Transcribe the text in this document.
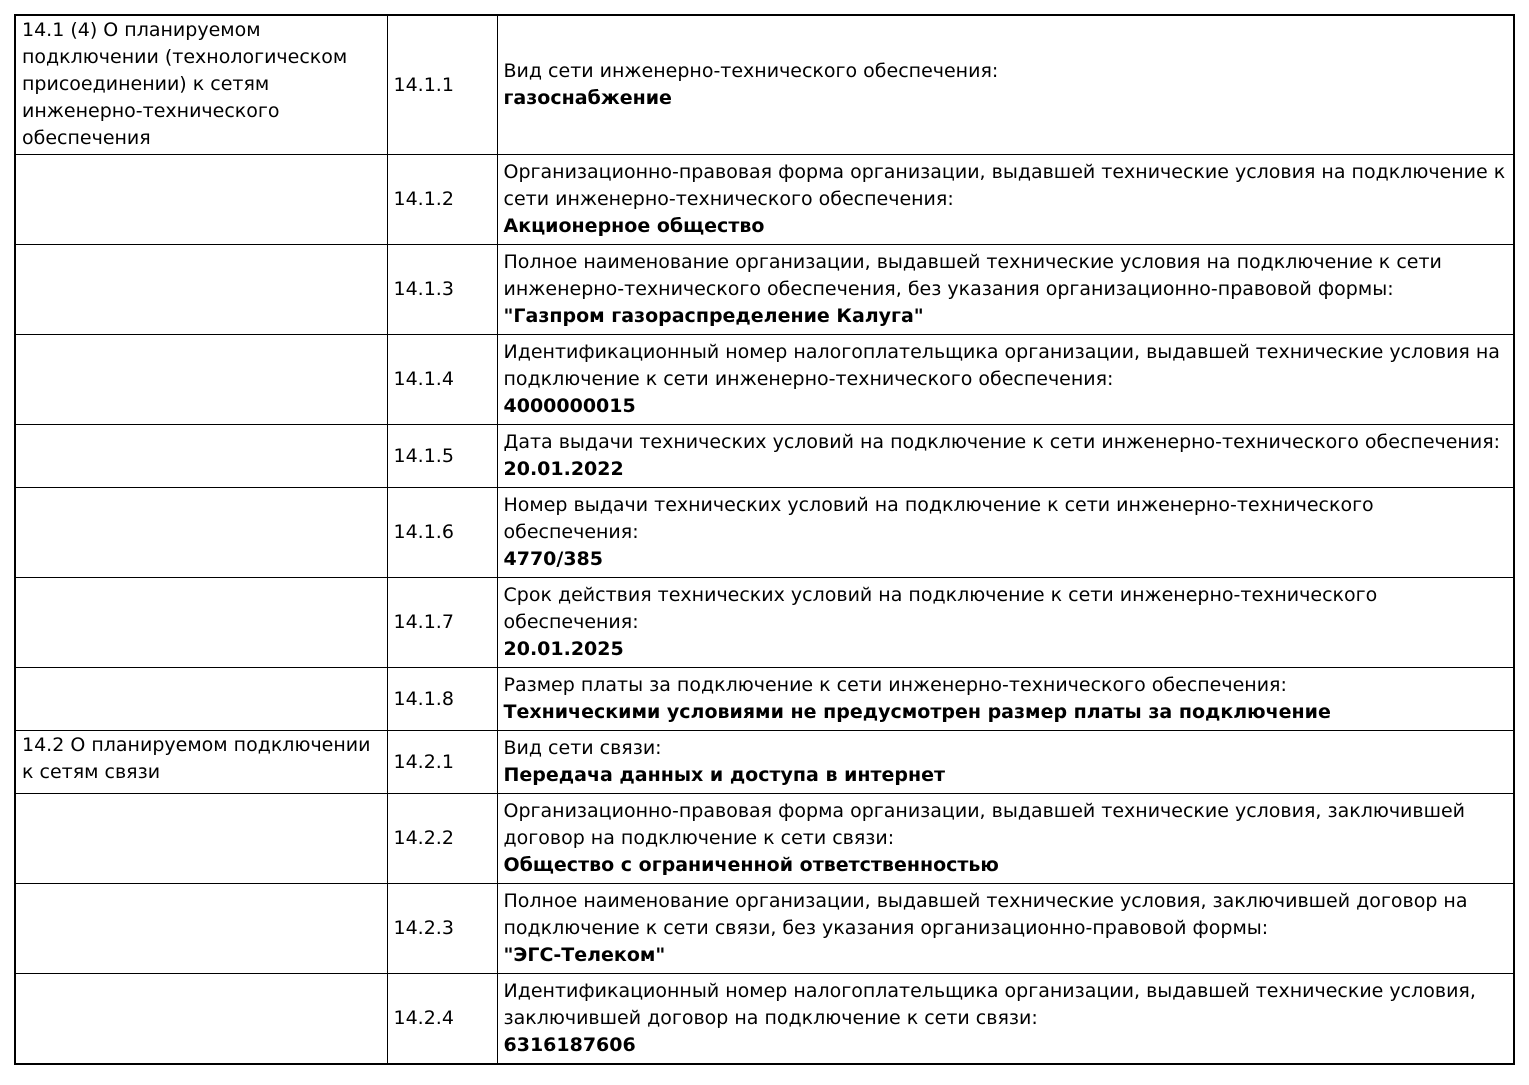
14.1 (4) О планируемом подключении (технологическом присоединении) к сетям инженерно-технического обеспечения	14.1.1	Вид сети инженерно-технического обеспечения:
газоснабжение

	14.1.2	Организационно-правовая форма организации, выдавшей технические условия на подключение к сети инженерно-технического обеспечения:
Акционерное общество

	14.1.3	Полное наименование организации, выдавшей технические условия на подключение к сети инженерно-технического обеспечения, без указания организационно-правовой формы:
"Газпром газораспределение Калуга"

	14.1.4	Идентификационный номер налогоплательщика организации, выдавшей технические условия на подключение к сети инженерно-технического обеспечения:
4000000015

	14.1.5	Дата выдачи технических условий на подключение к сети инженерно-технического обеспечения:
20.01.2022

	14.1.6	Номер выдачи технических условий на подключение к сети инженерно-технического обеспечения:
4770/385

	14.1.7	Срок действия технических условий на подключение к сети инженерно-технического обеспечения:
20.01.2025

	14.1.8	Размер платы за подключение к сети инженерно-технического обеспечения:
Техническими условиями не предусмотрен размер платы за подключение

14.2 О планируемом подключении к сетям связи	14.2.1	Вид сети связи:
Передача данных и доступа в интернет

	14.2.2	Организационно-правовая форма организации, выдавшей технические условия, заключившей договор на подключение к сети связи:
Общество с ограниченной ответственностью

	14.2.3	Полное наименование организации, выдавшей технические условия, заключившей договор на подключение к сети связи, без указания организационно-правовой формы:
"ЭГС-Телеком"

	14.2.4	Идентификационный номер налогоплательщика организации, выдавшей технические условия, заключившей договор на подключение к сети связи:
6316187606
